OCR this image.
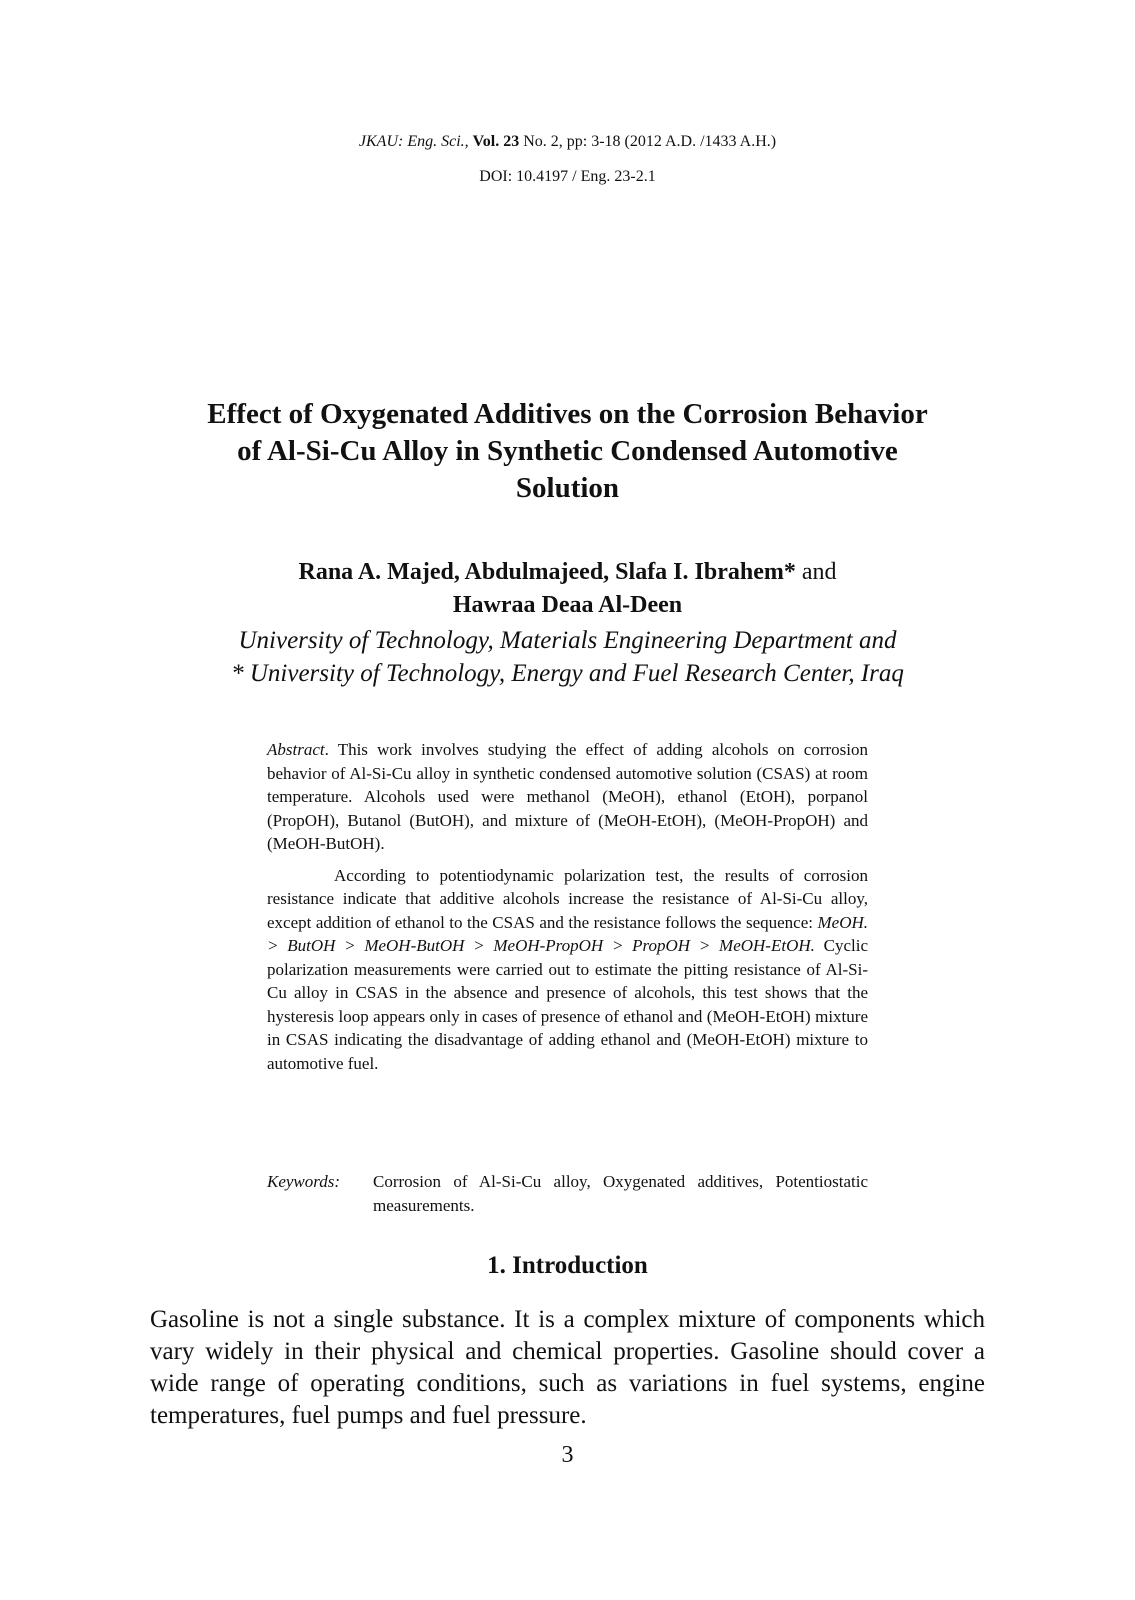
JKAU: Eng. Sci., Vol. 23 No. 2, pp: 3-18 (2012 A.D. /1433 A.H.)
DOI: 10.4197 / Eng. 23-2.1
Effect of Oxygenated Additives on the Corrosion Behavior
of Al-Si-Cu Alloy in Synthetic Condensed Automotive
Solution
Rana A. Majed, Abdulmajeed, Slafa I. Ibrahem* and
Hawraa Deaa Al-Deen
University of Technology, Materials Engineering Department and
* University of Technology, Energy and Fuel Research Center, Iraq

Abstract. This work involves studying the effect of adding alcohols on corrosion behavior of Al-Si-Cu alloy in synthetic condensed automotive solution (CSAS) at room temperature. Alcohols used were methanol (MeOH), ethanol (EtOH), porpanol (PropOH), Butanol (ButOH), and mixture of (MeOH-EtOH), (MeOH-PropOH) and (MeOH-ButOH).

According to potentiodynamic polarization test, the results of corrosion resistance indicate that additive alcohols increase the resistance of Al-Si-Cu alloy, except addition of ethanol to the CSAS and the resistance follows the sequence: MeOH. > ButOH > MeOH-ButOH > MeOH-PropOH > PropOH > MeOH-EtOH. Cyclic polarization measurements were carried out to estimate the pitting resistance of Al-Si-Cu alloy in CSAS in the absence and presence of alcohols, this test shows that the hysteresis loop appears only in cases of presence of ethanol and (MeOH-EtOH) mixture in CSAS indicating the disadvantage of adding ethanol and (MeOH-EtOH) mixture to automotive fuel.

Keywords:	Corrosion of Al-Si-Cu alloy, Oxygenated additives, Potentiostatic measurements.
1. Introduction

Gasoline is not a single substance. It is a complex mixture of components which vary widely in their physical and chemical properties. Gasoline should cover a wide range of operating conditions, such as variations in fuel systems, engine temperatures, fuel pumps and fuel pressure.

3
